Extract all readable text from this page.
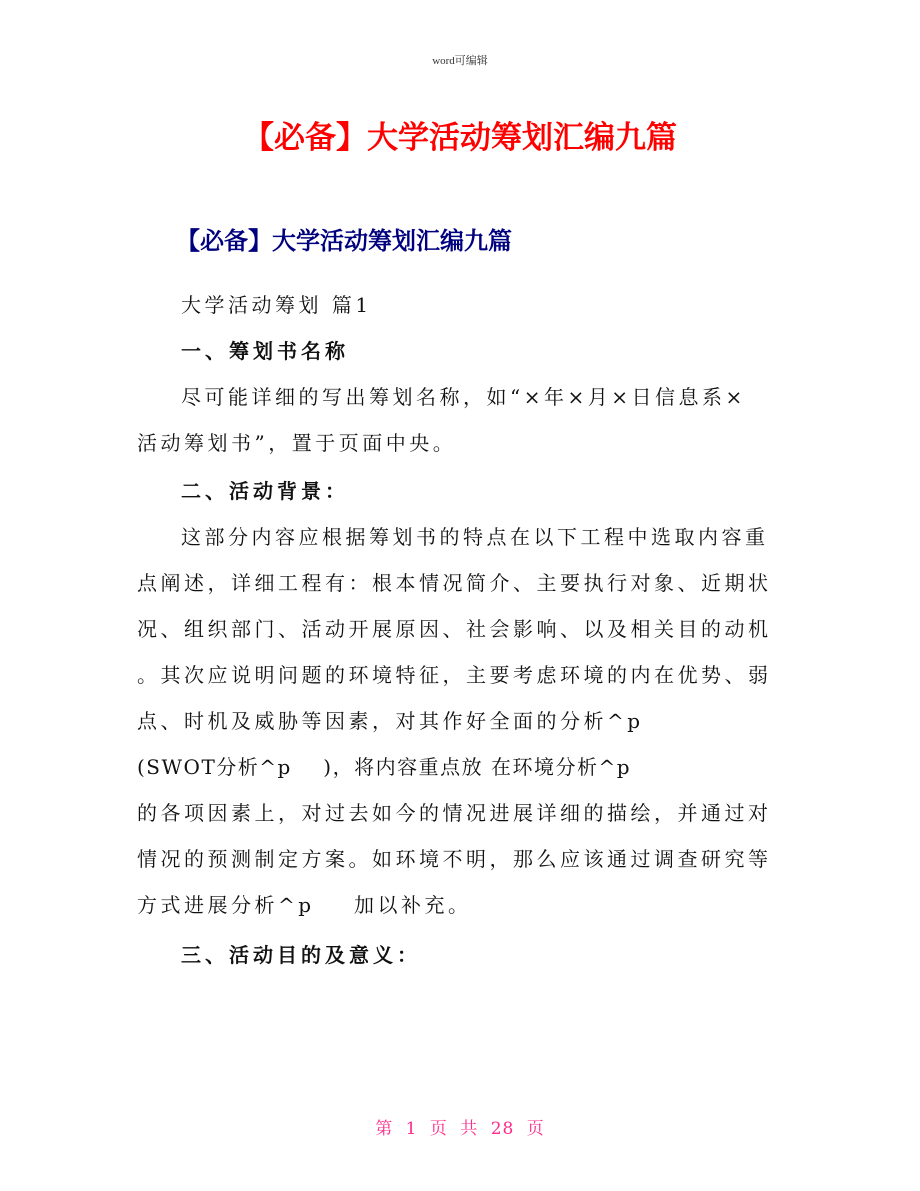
word可编辑
【必备】大学活动筹划汇编九篇
【必备】大学活动筹划汇编九篇
大学活动筹划 篇1
一、筹划书名称
尽可能详细的写出筹划名称，如“×年×月×日信息系×
活动筹划书”，置于页面中央。
二、活动背景：
这部分内容应根据筹划书的特点在以下工程中选取内容重
点阐述，详细工程有：根本情况简介、主要执行对象、近期状
况、组织部门、活动开展原因、社会影响、以及相关目的动机
。其次应说明问题的环境特征，主要考虑环境的内在优势、弱
点、时机及威胁等因素，对其作好全面的分析^p
(SWOT分析^p    )，将内容重点放 在环境分析^p
的各项因素上，对过去如今的情况进展详细的描绘，并通过对
情况的预测制定方案。如环境不明，那么应该通过调查研究等
方式进展分析^p    加以补充。
三、活动目的及意义：
第 1 页 共 28 页
